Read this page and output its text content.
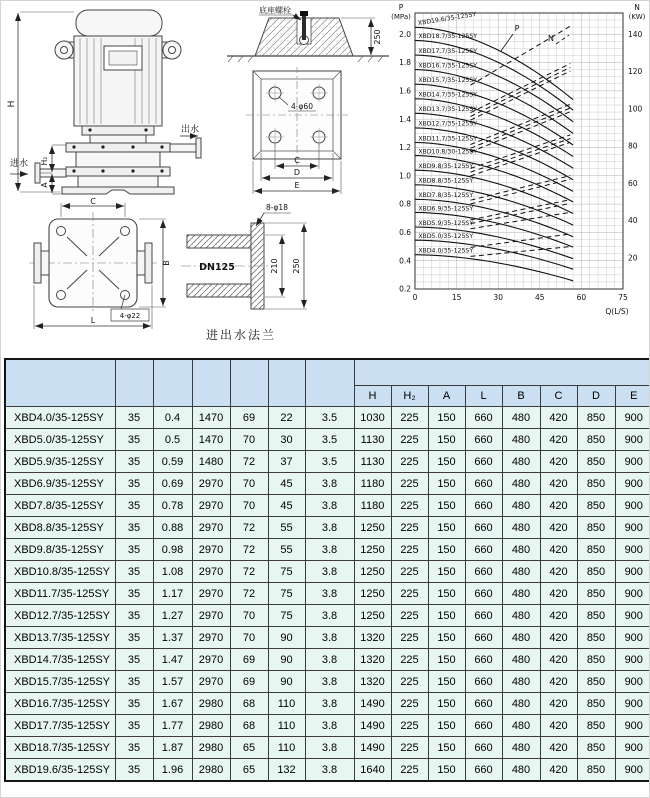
H
出水
进水 H₂
A
底座螺栓
250
4-φ60
C
D
E
C
B
L	4-φ22
DN125
8-φ18
210 250
进出水法兰
0	15	30	45	60	75
0.2
0.4
0.6
0.8
1.0
1.2
1.4
1.6
1.8
2.0
20
40
60
80
100
120
140
P
(MPa)
N
(KW)
Q(L/S)
XBD19.6/35-125SY
XBD18.7/35-125SY
XBD17.7/35-125SY
XBD16.7/35-125SY
XBD15.7/35-125SY
XBD14.7/35-125SY
XBD13.7/35-125SY
XBD12.7/35-125SY
XBD11.7/35-125SY
XBD10.8/30-125SY
XBD9.8/35-125SY
XBD8.8/35-125SY
XBD7.8/35-125SY
XBD6.9/35-125SY
XBD5.9/35-125SY
XBD5.0/35-125SY
XBD4.0/35-125SY
P
N

							H	H₂	A	L	B	C	D	E
XBD4.0/35-125SY	35	0.4	1470	69	22	3.5	1030	225	150	660	480	420	850	900
XBD5.0/35-125SY	35	0.5	1470	70	30	3.5	1130	225	150	660	480	420	850	900
XBD5.9/35-125SY	35	0.59	1480	72	37	3.5	1130	225	150	660	480	420	850	900
XBD6.9/35-125SY	35	0.69	2970	70	45	3.8	1180	225	150	660	480	420	850	900
XBD7.8/35-125SY	35	0.78	2970	70	45	3.8	1180	225	150	660	480	420	850	900
XBD8.8/35-125SY	35	0.88	2970	72	55	3.8	1250	225	150	660	480	420	850	900
XBD9.8/35-125SY	35	0.98	2970	72	55	3.8	1250	225	150	660	480	420	850	900
XBD10.8/35-125SY	35	1.08	2970	72	75	3.8	1250	225	150	660	480	420	850	900
XBD11.7/35-125SY	35	1.17	2970	72	75	3.8	1250	225	150	660	480	420	850	900
XBD12.7/35-125SY	35	1.27	2970	70	75	3.8	1250	225	150	660	480	420	850	900
XBD13.7/35-125SY	35	1.37	2970	70	90	3.8	1320	225	150	660	480	420	850	900
XBD14.7/35-125SY	35	1.47	2970	69	90	3.8	1320	225	150	660	480	420	850	900
XBD15.7/35-125SY	35	1.57	2970	69	90	3.8	1320	225	150	660	480	420	850	900
XBD16.7/35-125SY	35	1.67	2980	68	110	3.8	1490	225	150	660	480	420	850	900
XBD17.7/35-125SY	35	1.77	2980	68	110	3.8	1490	225	150	660	480	420	850	900
XBD18.7/35-125SY	35	1.87	2980	65	110	3.8	1490	225	150	660	480	420	850	900
XBD19.6/35-125SY	35	1.96	2980	65	132	3.8	1640	225	150	660	480	420	850	900
